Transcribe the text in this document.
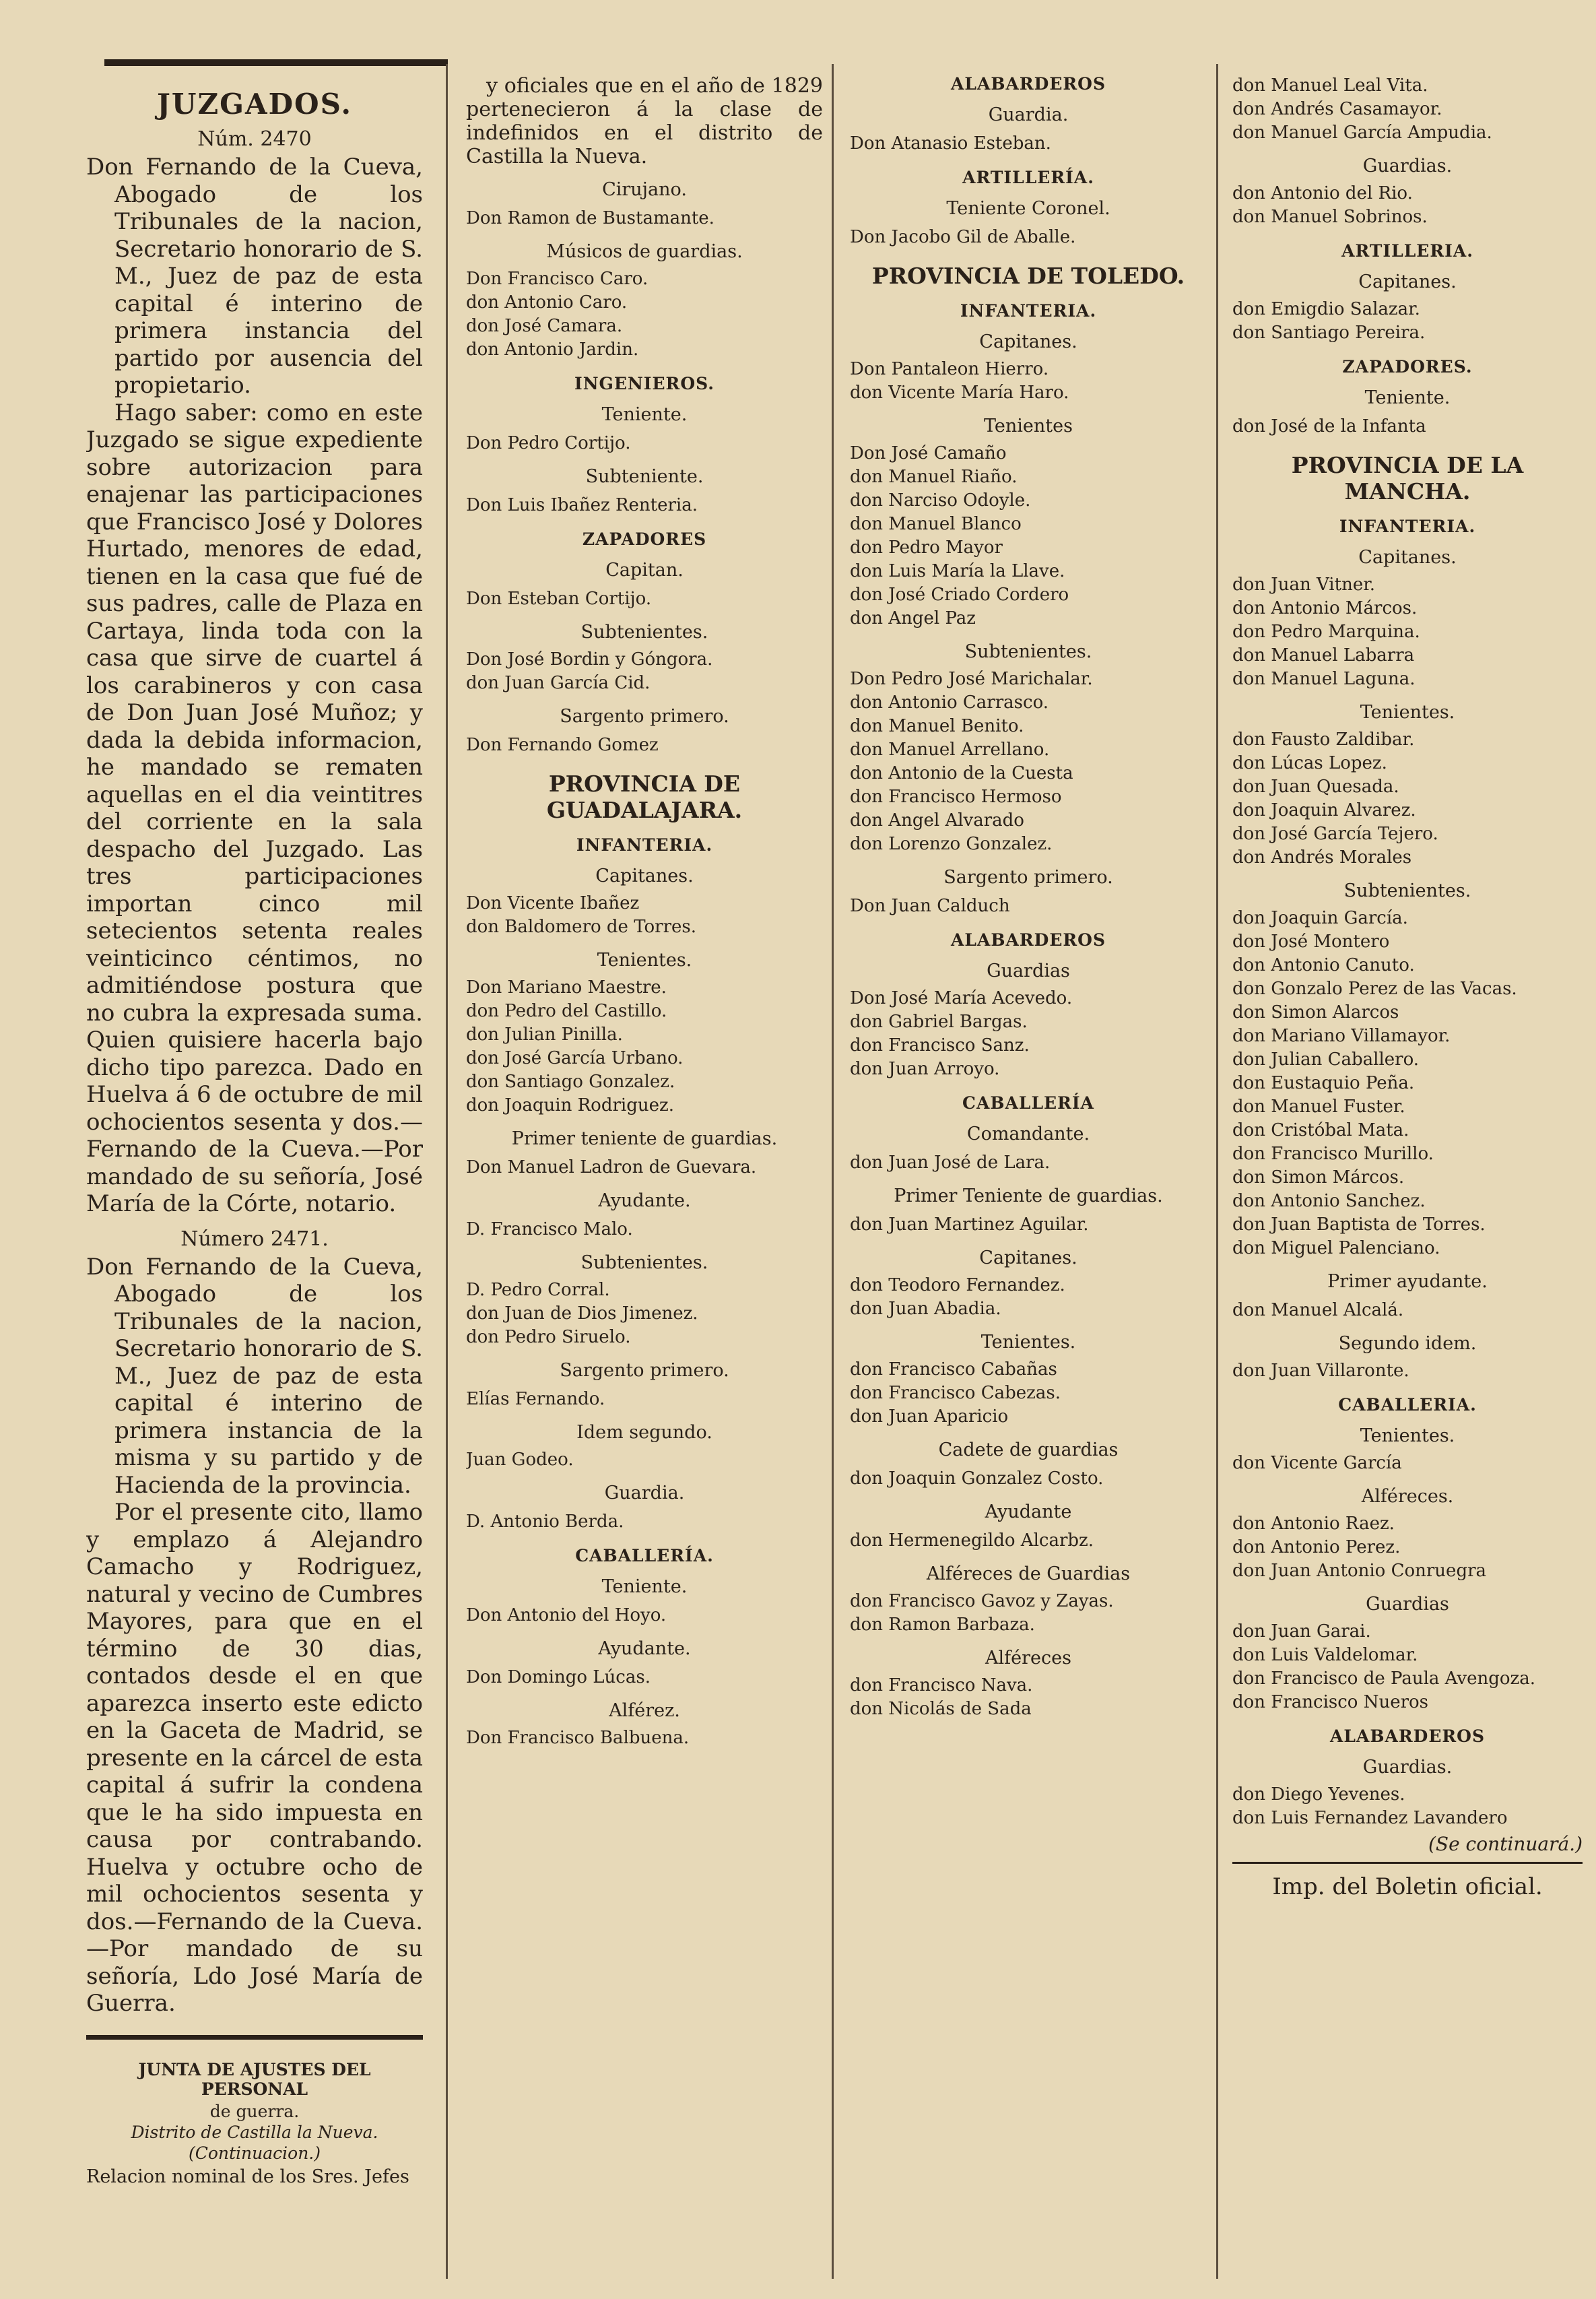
JUZGADOS.
Núm. 2470

Don Fernando de la Cueva, Abogado de los Tribunales de la nacion, Secretario honorario de S. M., Juez de paz de esta capital é interino de primera instancia del partido por ausencia del propietario.

Hago saber: como en este Juzgado se sigue expediente sobre autorizacion para enajenar las participaciones que Francisco José y Dolores Hurtado, menores de edad, tienen en la casa que fué de sus padres, calle de Plaza en Cartaya, linda toda con la casa que sirve de cuartel á los carabineros y con casa de Don Juan José Muñoz; y dada la debida informacion, he mandado se rematen aquellas en el dia veintitres del corriente en la sala despacho del Juzgado. Las tres participaciones importan cinco mil setecientos setenta reales veinticinco céntimos, no admitiéndose postura que no cubra la expresada suma. Quien quisiere hacerla bajo dicho tipo parezca. Dado en Huelva á 6 de octubre de mil ochocientos sesenta y dos.—Fernando de la Cueva.—Por mandado de su señoría, José María de la Córte, notario.

Número 2471.

Don Fernando de la Cueva, Abogado de los Tribunales de la nacion, Secretario honorario de S. M., Juez de paz de esta capital é interino de primera instancia de la misma y su partido y de Hacienda de la provincia.

Por el presente cito, llamo y emplazo á Alejandro Camacho y Rodriguez, natural y vecino de Cumbres Mayores, para que en el término de 30 dias, contados desde el en que aparezca inserto este edicto en la Gaceta de Madrid, se presente en la cárcel de esta capital á sufrir la condena que le ha sido impuesta en causa por contrabando. Huelva y octubre ocho de mil ochocientos sesenta y dos.—Fernando de la Cueva.—Por mandado de su señoría, Ldo José María de Guerra.

JUNTA DE AJUSTES DEL PERSONAL
de guerra.
Distrito de Castilla la Nueva.
(Continuacion.)
Relacion nominal de los Sres. Jefes

y oficiales que en el año de 1829 pertenecieron á la clase de indefinidos en el distrito de Castilla la Nueva.

Cirujano.

Don Ramon de Bustamante.

Músicos de guardias.

Don Francisco Caro.

don Antonio Caro.

don José Camara.

don Antonio Jardin.

INGENIEROS.
Teniente.

Don Pedro Cortijo.

Subteniente.

Don Luis Ibañez Renteria.

ZAPADORES
Capitan.

Don Esteban Cortijo.

Subtenientes.

Don José Bordin y Góngora.

don Juan García Cid.

Sargento primero.

Don Fernando Gomez

PROVINCIA DE GUADALAJARA.
INFANTERIA.
Capitanes.

Don Vicente Ibañez

don Baldomero de Torres.

Tenientes.

Don Mariano Maestre.

don Pedro del Castillo.

don Julian Pinilla.

don José García Urbano.

don Santiago Gonzalez.

don Joaquin Rodriguez.

Primer teniente de guardias.

Don Manuel Ladron de Guevara.

Ayudante.

D. Francisco Malo.

Subtenientes.

D. Pedro Corral.

don Juan de Dios Jimenez.

don Pedro Siruelo.

Sargento primero.

Elías Fernando.

Idem segundo.

Juan Godeo.

Guardia.

D. Antonio Berda.

CABALLERÍA.
Teniente.

Don Antonio del Hoyo.

Ayudante.

Don Domingo Lúcas.

Alférez.

Don Francisco Balbuena.

ALABARDEROS
Guardia.

Don Atanasio Esteban.

ARTILLERÍA.
Teniente Coronel.

Don Jacobo Gil de Aballe.

PROVINCIA DE TOLEDO.
INFANTERIA.
Capitanes.

Don Pantaleon Hierro.

don Vicente María Haro.

Tenientes

Don José Camaño

don Manuel Riaño.

don Narciso Odoyle.

don Manuel Blanco

don Pedro Mayor

don Luis María la Llave.

don José Criado Cordero

don Angel Paz

Subtenientes.

Don Pedro José Marichalar.

don Antonio Carrasco.

don Manuel Benito.

don Manuel Arrellano.

don Antonio de la Cuesta

don Francisco Hermoso

don Angel Alvarado

don Lorenzo Gonzalez.

Sargento primero.

Don Juan Calduch

ALABARDEROS
Guardias

Don José María Acevedo.

don Gabriel Bargas.

don Francisco Sanz.

don Juan Arroyo.

CABALLERÍA
Comandante.

don Juan José de Lara.

Primer Teniente de guardias.

don Juan Martinez Aguilar.

Capitanes.

don Teodoro Fernandez.

don Juan Abadia.

Tenientes.

don Francisco Cabañas

don Francisco Cabezas.

don Juan Aparicio

Cadete de guardias

don Joaquin Gonzalez Costo.

Ayudante

don Hermenegildo Alcarbz.

Alféreces de Guardias

don Francisco Gavoz y Zayas.

don Ramon Barbaza.

Alféreces

don Francisco Nava.

don Nicolás de Sada

don Manuel Leal Vita.

don Andrés Casamayor.

don Manuel García Ampudia.

Guardias.

don Antonio del Rio.

don Manuel Sobrinos.

ARTILLERIA.
Capitanes.

don Emigdio Salazar.

don Santiago Pereira.

ZAPADORES.
Teniente.

don José de la Infanta

PROVINCIA DE LA MANCHA.
INFANTERIA.
Capitanes.

don Juan Vitner.

don Antonio Márcos.

don Pedro Marquina.

don Manuel Labarra

don Manuel Laguna.

Tenientes.

don Fausto Zaldibar.

don Lúcas Lopez.

don Juan Quesada.

don Joaquin Alvarez.

don José García Tejero.

don Andrés Morales

Subtenientes.

don Joaquin García.

don José Montero

don Antonio Canuto.

don Gonzalo Perez de las Vacas.

don Simon Alarcos

don Mariano Villamayor.

don Julian Caballero.

don Eustaquio Peña.

don Manuel Fuster.

don Cristóbal Mata.

don Francisco Murillo.

don Simon Márcos.

don Antonio Sanchez.

don Juan Baptista de Torres.

don Miguel Palenciano.

Primer ayudante.

don Manuel Alcalá.

Segundo idem.

don Juan Villaronte.

CABALLERIA.
Tenientes.

don Vicente García

Alféreces.

don Antonio Raez.

don Antonio Perez.

don Juan Antonio Conruegra

Guardias

don Juan Garai.

don Luis Valdelomar.

don Francisco de Paula Avengoza.

don Francisco Nueros

ALABARDEROS
Guardias.

don Diego Yevenes.

don Luis Fernandez Lavandero

(Se continuará.)
Imp. del Boletin oficial.
